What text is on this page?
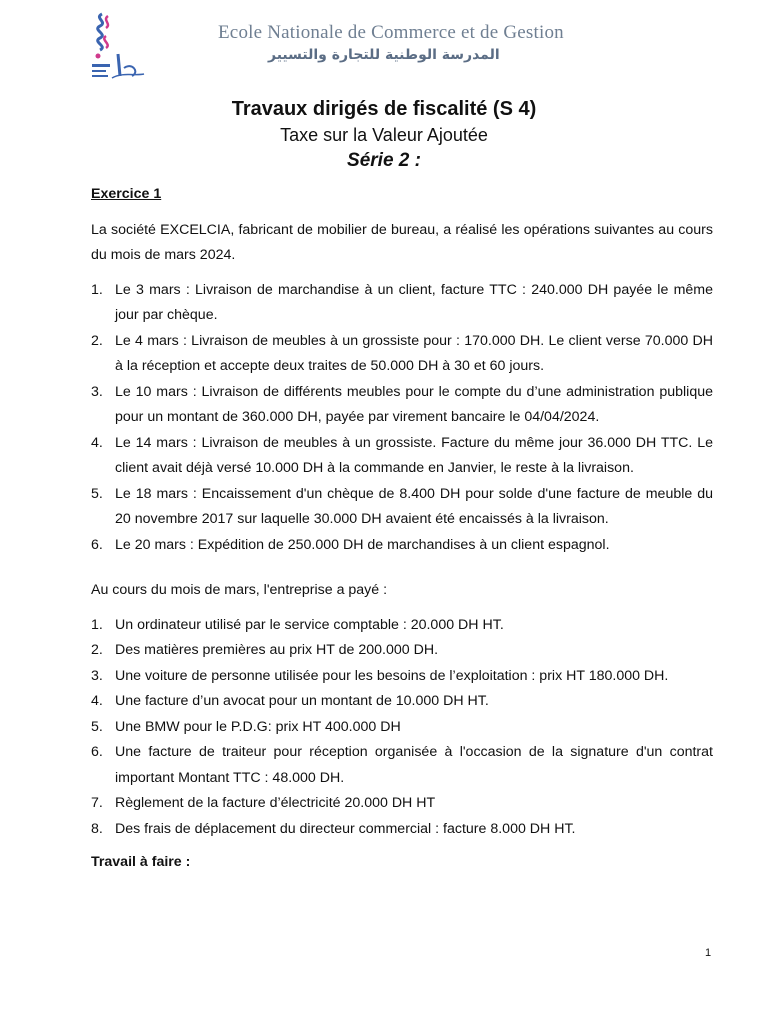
Ecole Nationale de Commerce et de Gestion
المدرسة الوطنية للتجارة والتسيير
Travaux dirigés de fiscalité (S 4)
Taxe sur la Valeur Ajoutée
Série 2 :
Exercice 1
La société EXCELCIA, fabricant de mobilier de bureau, a réalisé les opérations suivantes au cours du mois de mars 2024.
1. Le 3 mars : Livraison de marchandise à un client, facture TTC : 240.000 DH payée le même jour par chèque.
2. Le 4 mars : Livraison de meubles à un grossiste pour : 170.000 DH. Le client verse 70.000 DH à la réception et accepte deux traites de 50.000 DH à 30 et 60 jours.
3. Le 10 mars : Livraison de différents meubles pour le compte du d’une administration publique pour un montant de 360.000 DH, payée par virement bancaire le 04/04/2024.
4. Le 14 mars : Livraison de meubles à un grossiste. Facture du même jour 36.000 DH TTC. Le client avait déjà versé 10.000 DH à la commande en Janvier, le reste à la livraison.
5. Le 18 mars : Encaissement d'un chèque de 8.400 DH pour solde d'une facture de meuble du 20 novembre 2017 sur laquelle 30.000 DH avaient été encaissés à la livraison.
6. Le 20 mars : Expédition de 250.000 DH de marchandises à un client espagnol.
Au cours du mois de mars, l'entreprise a payé :
1. Un ordinateur utilisé par le service comptable : 20.000 DH HT.
2. Des matières premières au prix HT de 200.000 DH.
3. Une voiture de personne utilisée pour les besoins de l’exploitation : prix HT 180.000 DH.
4. Une facture d’un avocat pour un montant de 10.000 DH HT.
5. Une BMW pour le P.D.G: prix HT 400.000 DH
6. Une facture de traiteur pour réception organisée à l'occasion de la signature d'un contrat important Montant TTC : 48.000 DH.
7. Règlement de la facture d’électricité 20.000 DH HT
8. Des frais de déplacement du directeur commercial : facture 8.000 DH HT.
Travail à faire :
1
